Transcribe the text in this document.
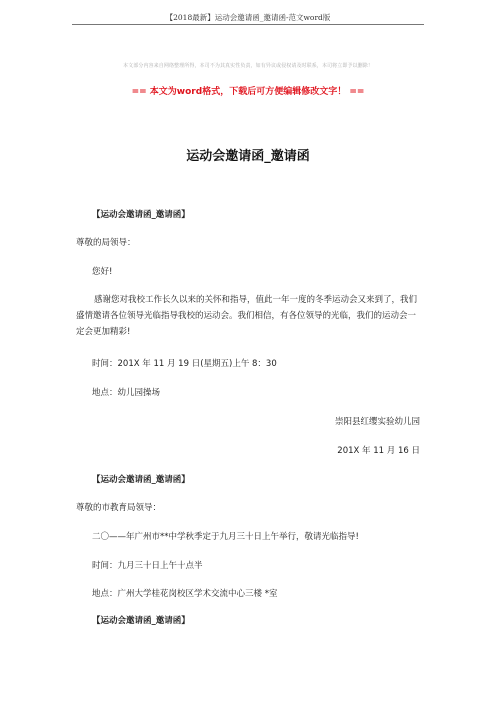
【2018最新】运动会邀请函_邀请函-范文word版
本文部分内容来自网络整理所得，本司不为其真实性负责，如有异议或侵权请及时联系，本司将立即予以删除！
== 本文为word格式，下载后可方便编辑修改文字！ ==
运动会邀请函_邀请函
【运动会邀请函_邀请函】
尊敬的局领导：
您好!
感谢您对我校工作长久以来的关怀和指导，值此一年一度的冬季运动会又来到了，我们盛情邀请各位领导光临指导我校的运动会。我们相信，有各位领导的光临，我们的运动会一定会更加精彩!
时间：201X 年 11 月 19 日(星期五)上午 8：30
地点：幼儿园操场
崇阳县红缨实验幼儿园
201X 年 11 月 16 日
【运动会邀请函_邀请函】
尊敬的市教育局领导：
二〇——年广州市**中学秋季定于九月三十日上午举行，敬请光临指导!
时间：九月三十日上午十点半
地点：广州大学桂花岗校区学术交流中心三楼 *室
【运动会邀请函_邀请函】
